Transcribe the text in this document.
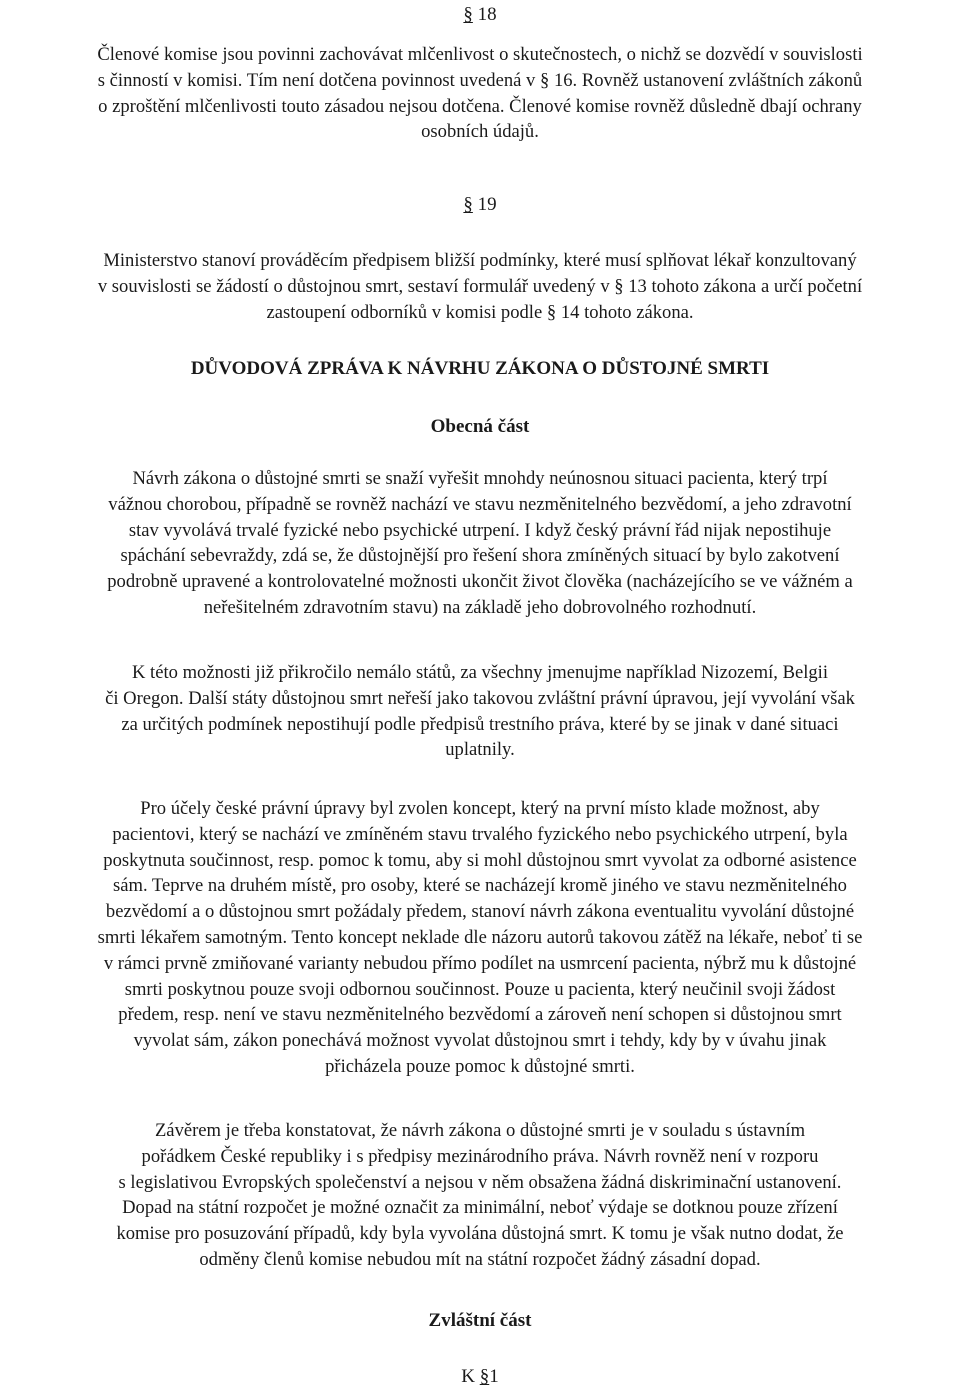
§ 18
Členové komise jsou povinni zachovávat mlčenlivost o skutečnostech, o nichž se dozvědí v souvislosti
s činností v komisi. Tím není dotčena povinnost uvedená v § 16. Rovněž ustanovení zvláštních zákonů
o zproštění mlčenlivosti touto zásadou nejsou dotčena. Členové komise rovněž důsledně dbají ochrany
osobních údajů.
§ 19
Ministerstvo stanoví prováděcím předpisem bližší podmínky, které musí splňovat lékař konzultovaný
v souvislosti se žádostí o důstojnou smrt, sestaví formulář uvedený v § 13 tohoto zákona a určí početní
zastoupení odborníků v komisi podle § 14 tohoto zákona.
DŮVODOVÁ ZPRÁVA K NÁVRHU ZÁKONA O DŮSTOJNÉ SMRTI
Obecná část
Návrh zákona o důstojné smrti se snaží vyřešit mnohdy neúnosnou situaci pacienta, který trpí
vážnou chorobou, případně se rovněž nachází ve stavu nezměnitelného bezvědomí, a jeho zdravotní
stav vyvolává trvalé fyzické nebo psychické utrpení. I když český právní řád nijak nepostihuje
spáchání sebevraždy, zdá se, že důstojnější pro řešení shora zmíněných situací by bylo zakotvení
podrobně upravené a kontrolovatelné možnosti ukončit život člověka (nacházejícího se ve vážném a
neřešitelném zdravotním stavu) na základě jeho dobrovolného rozhodnutí.
K této možnosti již přikročilo nemálo států, za všechny jmenujme například Nizozemí, Belgii
či Oregon. Další státy důstojnou smrt neřeší jako takovou zvláštní právní úpravou, její vyvolání však
za určitých podmínek nepostihují podle předpisů trestního práva, které by se jinak v dané situaci
uplatnily.
Pro účely české právní úpravy byl zvolen koncept, který na první místo klade možnost, aby
pacientovi, který se nachází ve zmíněném stavu trvalého fyzického nebo psychického utrpení, byla
poskytnuta součinnost, resp. pomoc k tomu, aby si mohl důstojnou smrt vyvolat za odborné asistence
sám. Teprve na druhém místě, pro osoby, které se nacházejí kromě jiného ve stavu nezměnitelného
bezvědomí a o důstojnou smrt požádaly předem, stanoví návrh zákona eventualitu vyvolání důstojné
smrti lékařem samotným. Tento koncept neklade dle názoru autorů takovou zátěž na lékaře, neboť ti se
v rámci prvně zmiňované varianty nebudou přímo podílet na usmrcení pacienta, nýbrž mu k důstojné
smrti poskytnou pouze svoji odbornou součinnost. Pouze u pacienta, který neučinil svoji žádost
předem, resp. není ve stavu nezměnitelného bezvědomí a zároveň není schopen si důstojnou smrt
vyvolat sám, zákon ponechává možnost vyvolat důstojnou smrt i tehdy, kdy by v úvahu jinak
přicházela pouze pomoc k důstojné smrti.
Závěrem je třeba konstatovat, že návrh zákona o důstojné smrti je v souladu s ústavním
pořádkem České republiky i s předpisy mezinárodního práva. Návrh rovněž není v rozporu
s legislativou Evropských společenství a nejsou v něm obsažena žádná diskriminační ustanovení.
Dopad na státní rozpočet je možné označit za minimální, neboť výdaje se dotknou pouze zřízení
komise pro posuzování případů, kdy byla vyvolána důstojná smrt. K tomu je však nutno dodat, že
odměny členů komise nebudou mít na státní rozpočet žádný zásadní dopad.
Zvláštní část
K §1
